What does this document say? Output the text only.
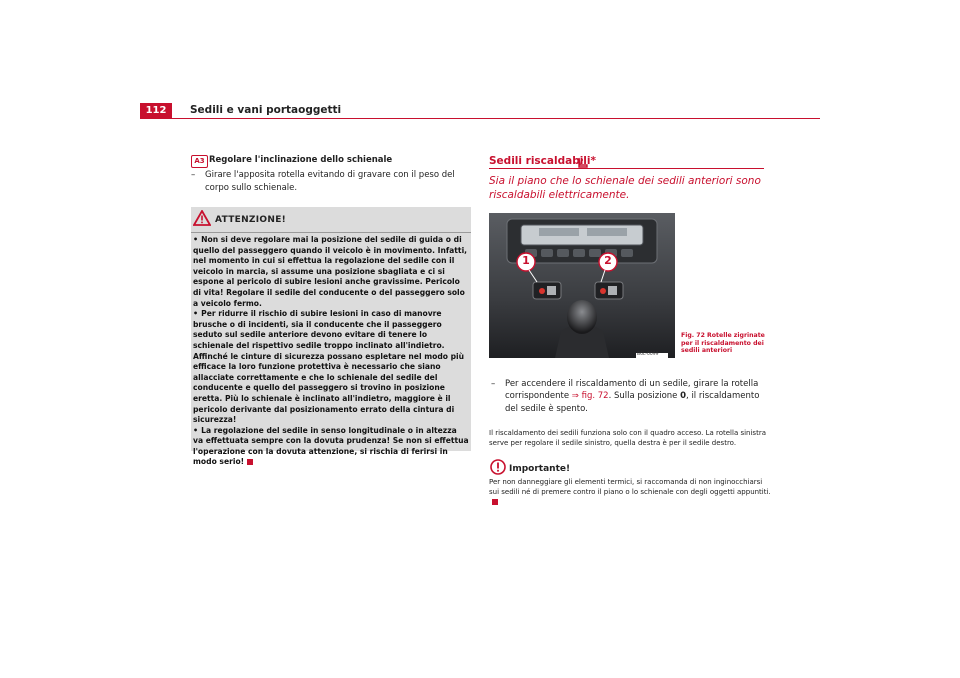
112	Sedili e vani portaoggetti
A3 Regolare l'inclinazione dello schienale
– Girare l'apposita rotella evitando di gravare con il peso del corpo sullo schienale.
ATTENZIONE!

• Non si deve regolare mai la posizione del sedile di guida o di quello del passeggero quando il veicolo è in movimento. Infatti, nel momento in cui si effettua la regolazione del sedile con il veicolo in marcia, si assume una posizione sbagliata e ci si espone al pericolo di subire lesioni anche gravissime. Pericolo di vita! Regolare il sedile del conducente o del passeggero solo a veicolo fermo.

• Per ridurre il rischio di subire lesioni in caso di manovre brusche o di incidenti, sia il conducente che il passeggero seduto sul sedile anteriore devono evitare di tenere lo schienale del rispettivo sedile troppo inclinato all'indietro. Affinché le cinture di sicurezza possano espletare nel modo più efficace la loro funzione protettiva è necessario che siano allacciate correttamente e che lo schienale del sedile del conducente e quello del passeggero si trovino in posizione eretta. Più lo schienale è inclinato all'indietro, maggiore è il pericolo derivante dal posizionamento errato della cintura di sicurezza!

• La regolazione del sedile in senso longitudinale o in altezza va effettuata sempre con la dovuta prudenza! Se non si effettua l'operazione con la dovuta attenzione, si rischia di ferirsi in modo serio!

Sedili riscaldabili*
Sia il piano che lo schienale dei sedili anteriori sono riscaldabili elettricamente.
1	2
B6L-0099
Fig. 72 Rotelle zigrinate per il riscaldamento dei sedili anteriori
– Per accendere il riscaldamento di un sedile, girare la rotella corrispondente ⇒ fig. 72. Sulla posizione 0, il riscaldamento del sedile è spento.
Il riscaldamento dei sedili funziona solo con il quadro acceso. La rotella sinistra serve per regolare il sedile sinistro, quella destra è per il sedile destro.
Importante!
Per non danneggiare gli elementi termici, si raccomanda di non inginocchiarsi sui sedili né di premere contro il piano o lo schienale con degli oggetti appuntiti.
